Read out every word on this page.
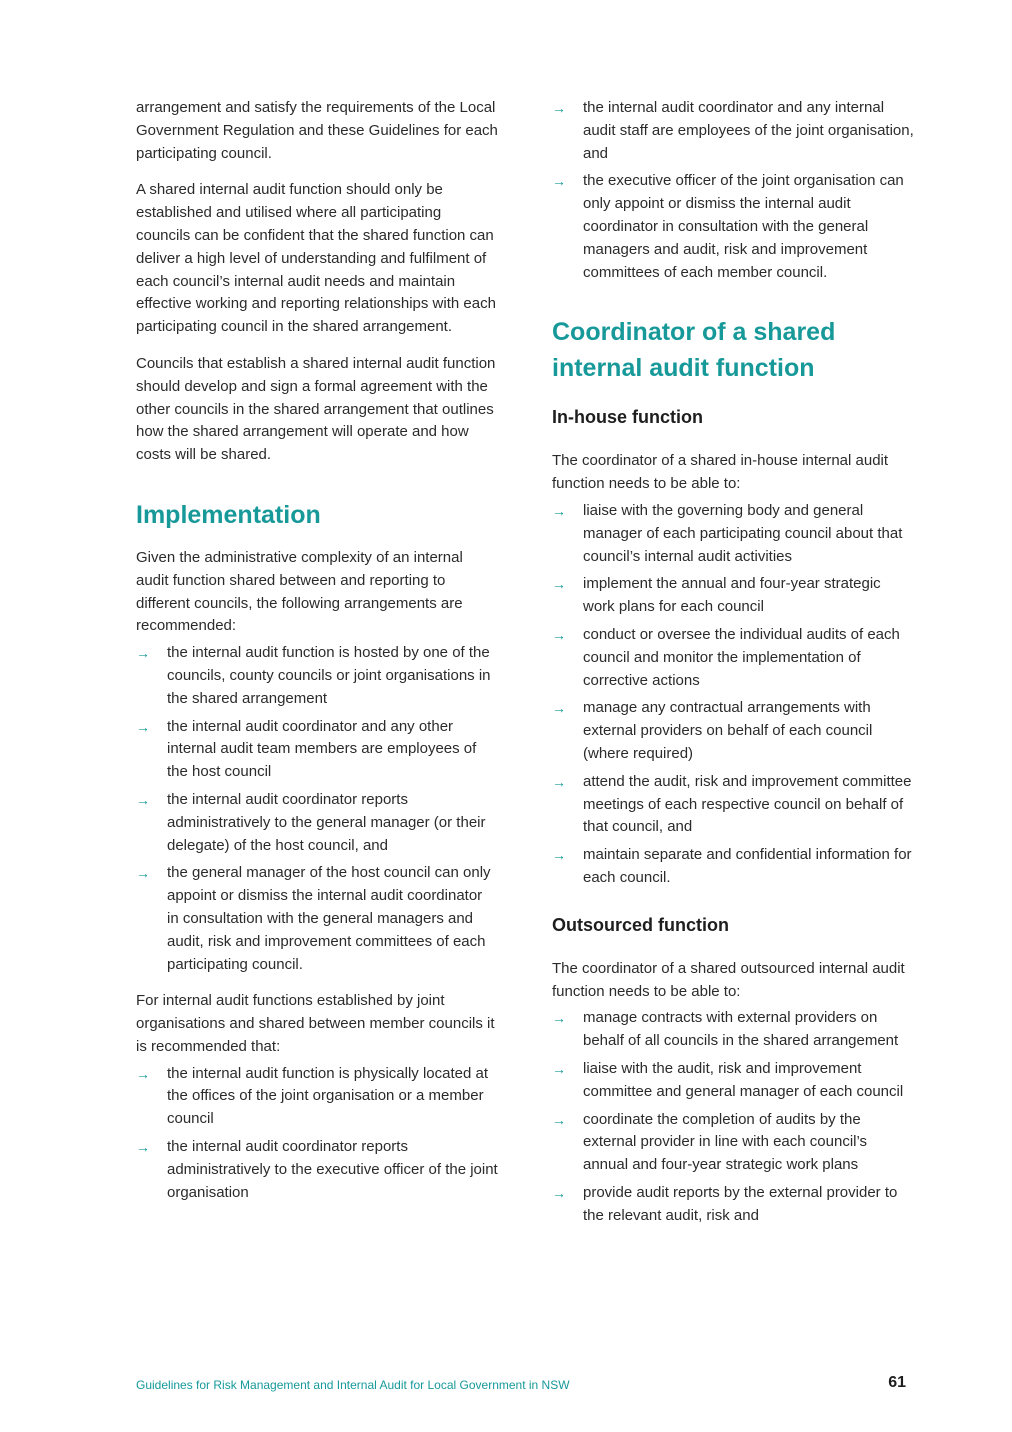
arrangement and satisfy the requirements of the Local Government Regulation and these Guidelines for each participating council.

A shared internal audit function should only be established and utilised where all participating councils can be confident that the shared function can deliver a high level of understanding and fulfilment of each council’s internal audit needs and maintain effective working and reporting relationships with each participating council in the shared arrangement.

Councils that establish a shared internal audit function should develop and sign a formal agreement with the other councils in the shared arrangement that outlines how the shared arrangement will operate and how costs will be shared.

Implementation

Given the administrative complexity of an internal audit function shared between and reporting to different councils, the following arrangements are recommended:

→ the internal audit function is hosted by one of the councils, county councils or joint organisations in the shared arrangement
→ the internal audit coordinator and any other internal audit team members are employees of the host council
→ the internal audit coordinator reports administratively to the general manager (or their delegate) of the host council, and
→ the general manager of the host council can only appoint or dismiss the internal audit coordinator in consultation with the general managers and audit, risk and improvement committees of each participating council.

For internal audit functions established by joint organisations and shared between member councils it is recommended that:

→ the internal audit function is physically located at the offices of the joint organisation or a member council
→ the internal audit coordinator reports administratively to the executive officer of the joint organisation
→ the internal audit coordinator and any internal audit staff are employees of the joint organisation, and
→ the executive officer of the joint organisation can only appoint or dismiss the internal audit coordinator in consultation with the general managers and audit, risk and improvement committees of each member council.
Coordinator of a shared internal audit function
In-house function

The coordinator of a shared in-house internal audit function needs to be able to:

→ liaise with the governing body and general manager of each participating council about that council’s internal audit activities
→ implement the annual and four-year strategic work plans for each council
→ conduct or oversee the individual audits of each council and monitor the implementation of corrective actions
→ manage any contractual arrangements with external providers on behalf of each council (where required)
→ attend the audit, risk and improvement committee meetings of each respective council on behalf of that council, and
→ maintain separate and confidential information for each council.
Outsourced function

The coordinator of a shared outsourced internal audit function needs to be able to:

→ manage contracts with external providers on behalf of all councils in the shared arrangement
→ liaise with the audit, risk and improvement committee and general manager of each council
→ coordinate the completion of audits by the external provider in line with each council’s annual and four-year strategic work plans
→ provide audit reports by the external provider to the relevant audit, risk and
Guidelines for Risk Management and Internal Audit for Local Government in NSW	61
